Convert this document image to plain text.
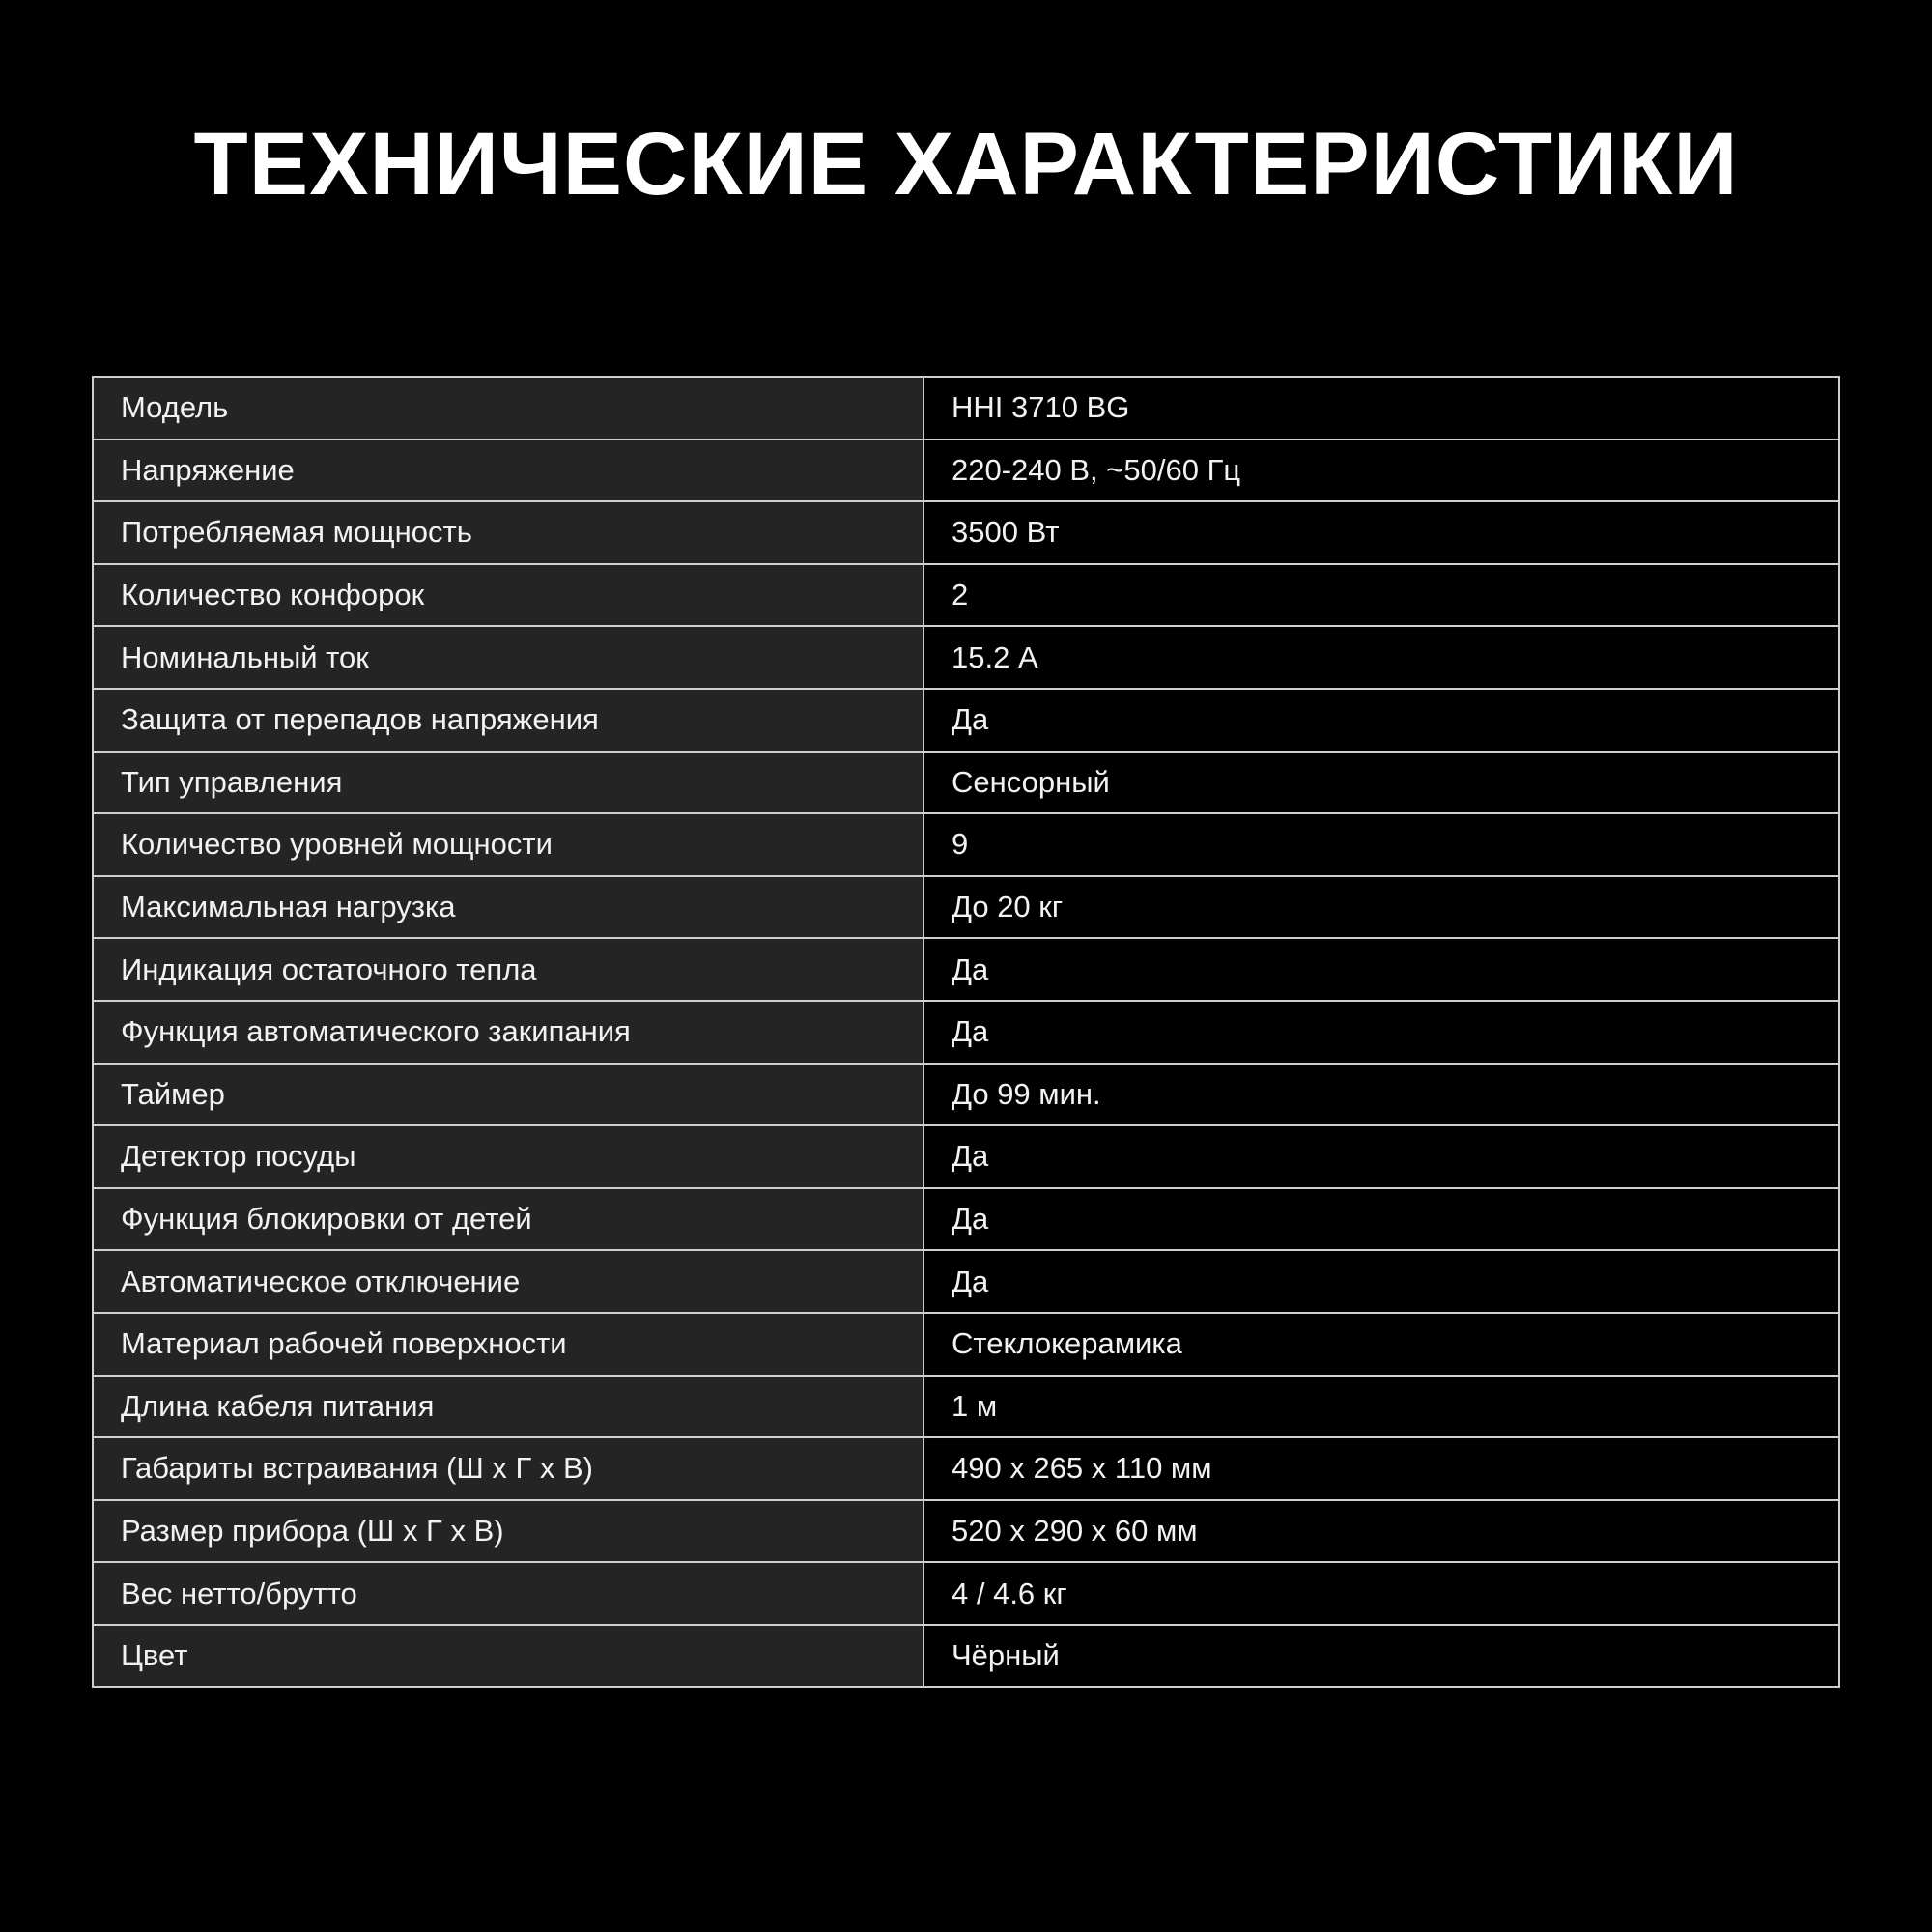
ТЕХНИЧЕСКИЕ ХАРАКТЕРИСТИКИ
Модель	HHI 3710 BG
Напряжение	220-240 В, ~50/60 Гц
Потребляемая мощность	3500 Вт
Количество конфорок	2
Номинальный ток	15.2 А
Защита от перепадов напряжения	Да
Тип управления	Сенсорный
Количество уровней мощности	9
Максимальная нагрузка	До 20 кг
Индикация остаточного тепла	Да
Функция автоматического закипания	Да
Таймер	До 99 мин.
Детектор посуды	Да
Функция блокировки от детей	Да
Автоматическое отключение	Да
Материал рабочей поверхности	Стеклокерамика
Длина кабеля питания	1 м
Габариты встраивания (Ш х Г х В)	490 х 265 х 110 мм
Размер прибора (Ш х Г х В)	520 х 290 х 60 мм
Вес нетто/брутто	4 / 4.6 кг
Цвет	Чёрный
